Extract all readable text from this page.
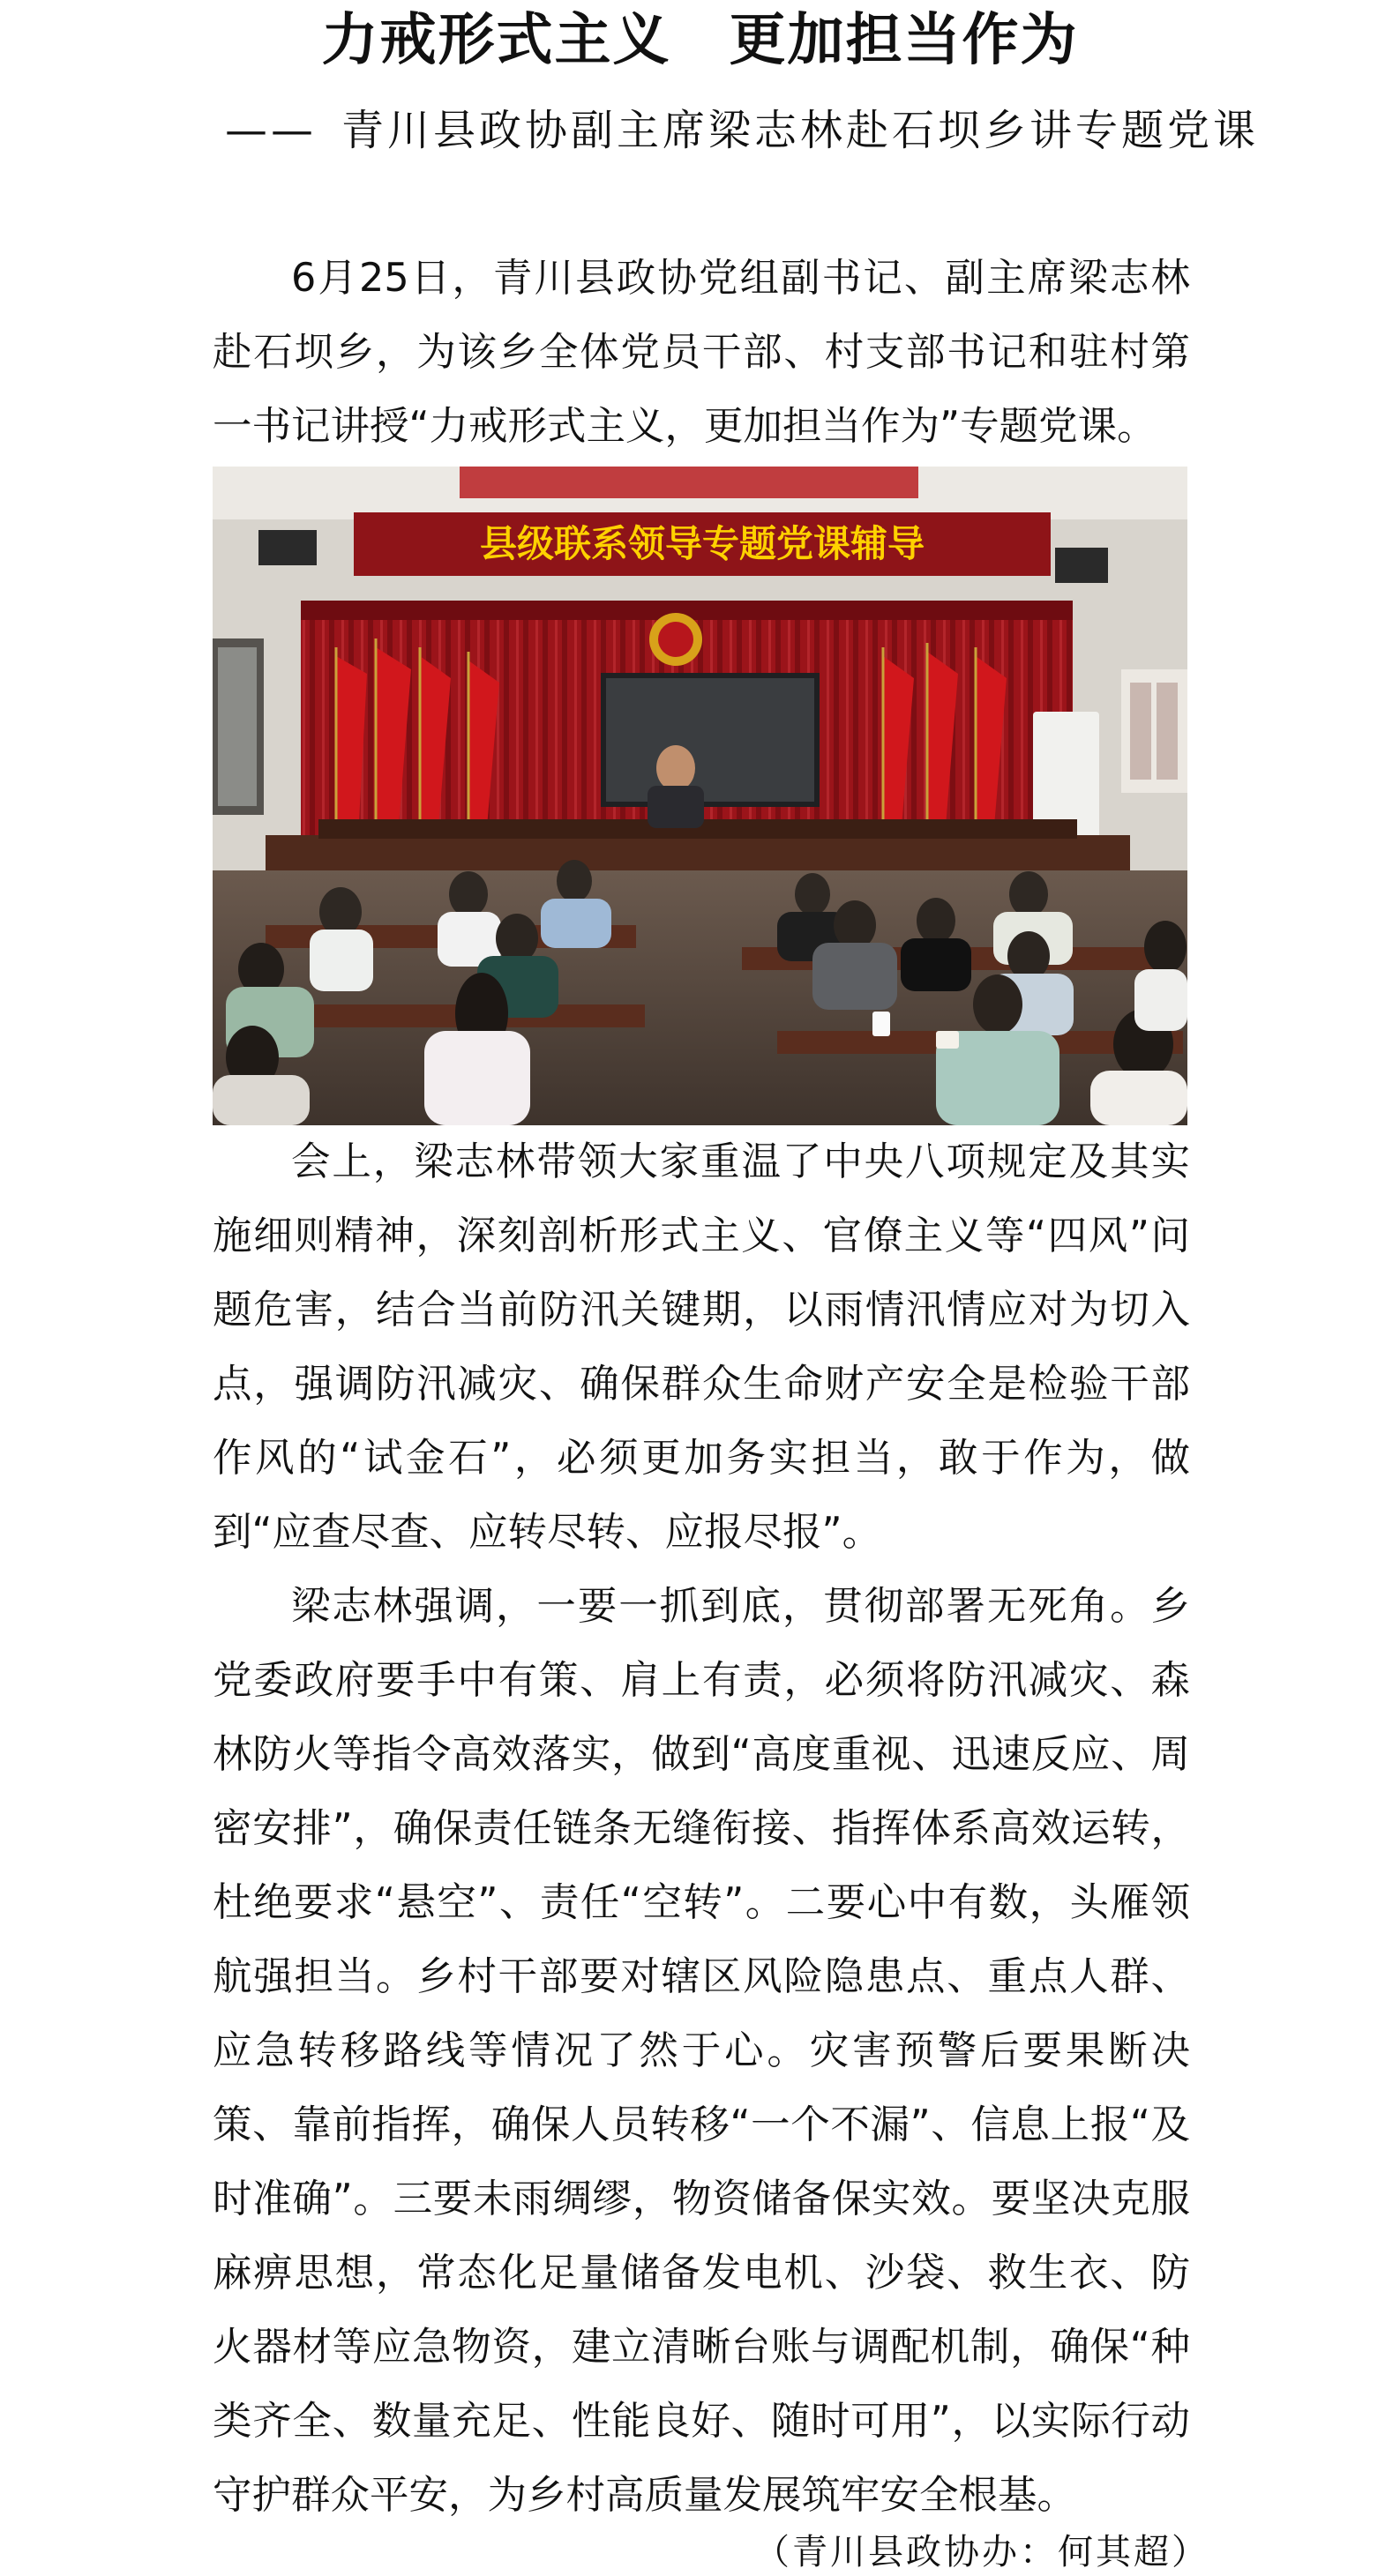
力戒形式主义　更加担当作为
—— 青川县政协副主席梁志林赴石坝乡讲专题党课
6月25日，青川县政协党组副书记、副主席梁志林赴石坝乡，为该乡全体党员干部、村支部书记和驻村第一书记讲授“力戒形式主义，更加担当作为”专题党课。
县级联系领导专题党课辅导
会上，梁志林带领大家重温了中央八项规定及其实施细则精神，深刻剖析形式主义、官僚主义等“四风”问题危害，结合当前防汛关键期，以雨情汛情应对为切入点，强调防汛减灾、确保群众生命财产安全是检验干部作风的“试金石”，必须更加务实担当，敢于作为，做到“应查尽查、应转尽转、应报尽报”。
梁志林强调，一要一抓到底，贯彻部署无死角。乡党委政府要手中有策、肩上有责，必须将防汛减灾、森林防火等指令高效落实，做到“高度重视、迅速反应、周密安排”，确保责任链条无缝衔接、指挥体系高效运转，杜绝要求“悬空”、责任“空转”。二要心中有数，头雁领航强担当。乡村干部要对辖区风险隐患点、重点人群、应急转移路线等情况了然于心。灾害预警后要果断决策、靠前指挥，确保人员转移“一个不漏”、信息上报“及时准确”。三要未雨绸缪，物资储备保实效。要坚决克服麻痹思想，常态化足量储备发电机、沙袋、救生衣、防火器材等应急物资，建立清晰台账与调配机制，确保“种类齐全、数量充足、性能良好、随时可用”，以实际行动守护群众平安，为乡村高质量发展筑牢安全根基。
（青川县政协办：何其超）
